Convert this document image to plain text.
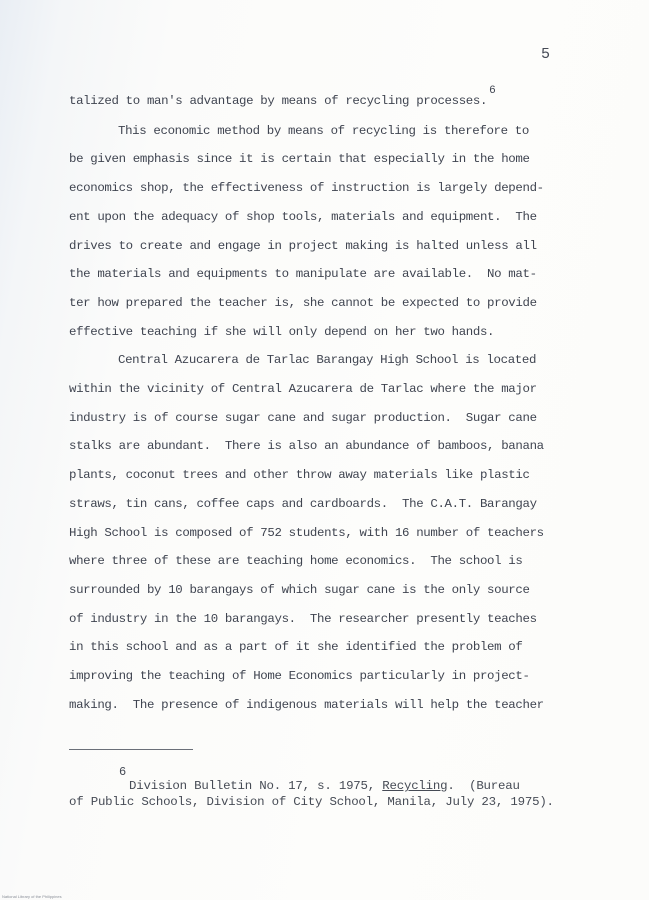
5
talized to man's advantage by means of recycling processes.6
This economic method by means of recycling is therefore to
be given emphasis since it is certain that especially in the home
economics shop, the effectiveness of instruction is largely depend-
ent upon the adequacy of shop tools, materials and equipment.  The
drives to create and engage in project making is halted unless all
the materials and equipments to manipulate are available.  No mat-
ter how prepared the teacher is, she cannot be expected to provide
effective teaching if she will only depend on her two hands.
Central Azucarera de Tarlac Barangay High School is located
within the vicinity of Central Azucarera de Tarlac where the major
industry is of course sugar cane and sugar production.  Sugar cane
stalks are abundant.  There is also an abundance of bamboos, banana
plants, coconut trees and other throw away materials like plastic
straws, tin cans, coffee caps and cardboards.  The C.A.T. Barangay
High School is composed of 752 students, with 16 number of teachers
where three of these are teaching home economics.  The school is
surrounded by 10 barangays of which sugar cane is the only source
of industry in the 10 barangays.  The researcher presently teaches
in this school and as a part of it she identified the problem of
improving the teaching of Home Economics particularly in project-
making.  The presence of indigenous materials will help the teacher
6
Division Bulletin No. 17, s. 1975, Recycling.  (Bureau
of Public Schools, Division of City School, Manila, July 23, 1975).
National Library of the Philippines
